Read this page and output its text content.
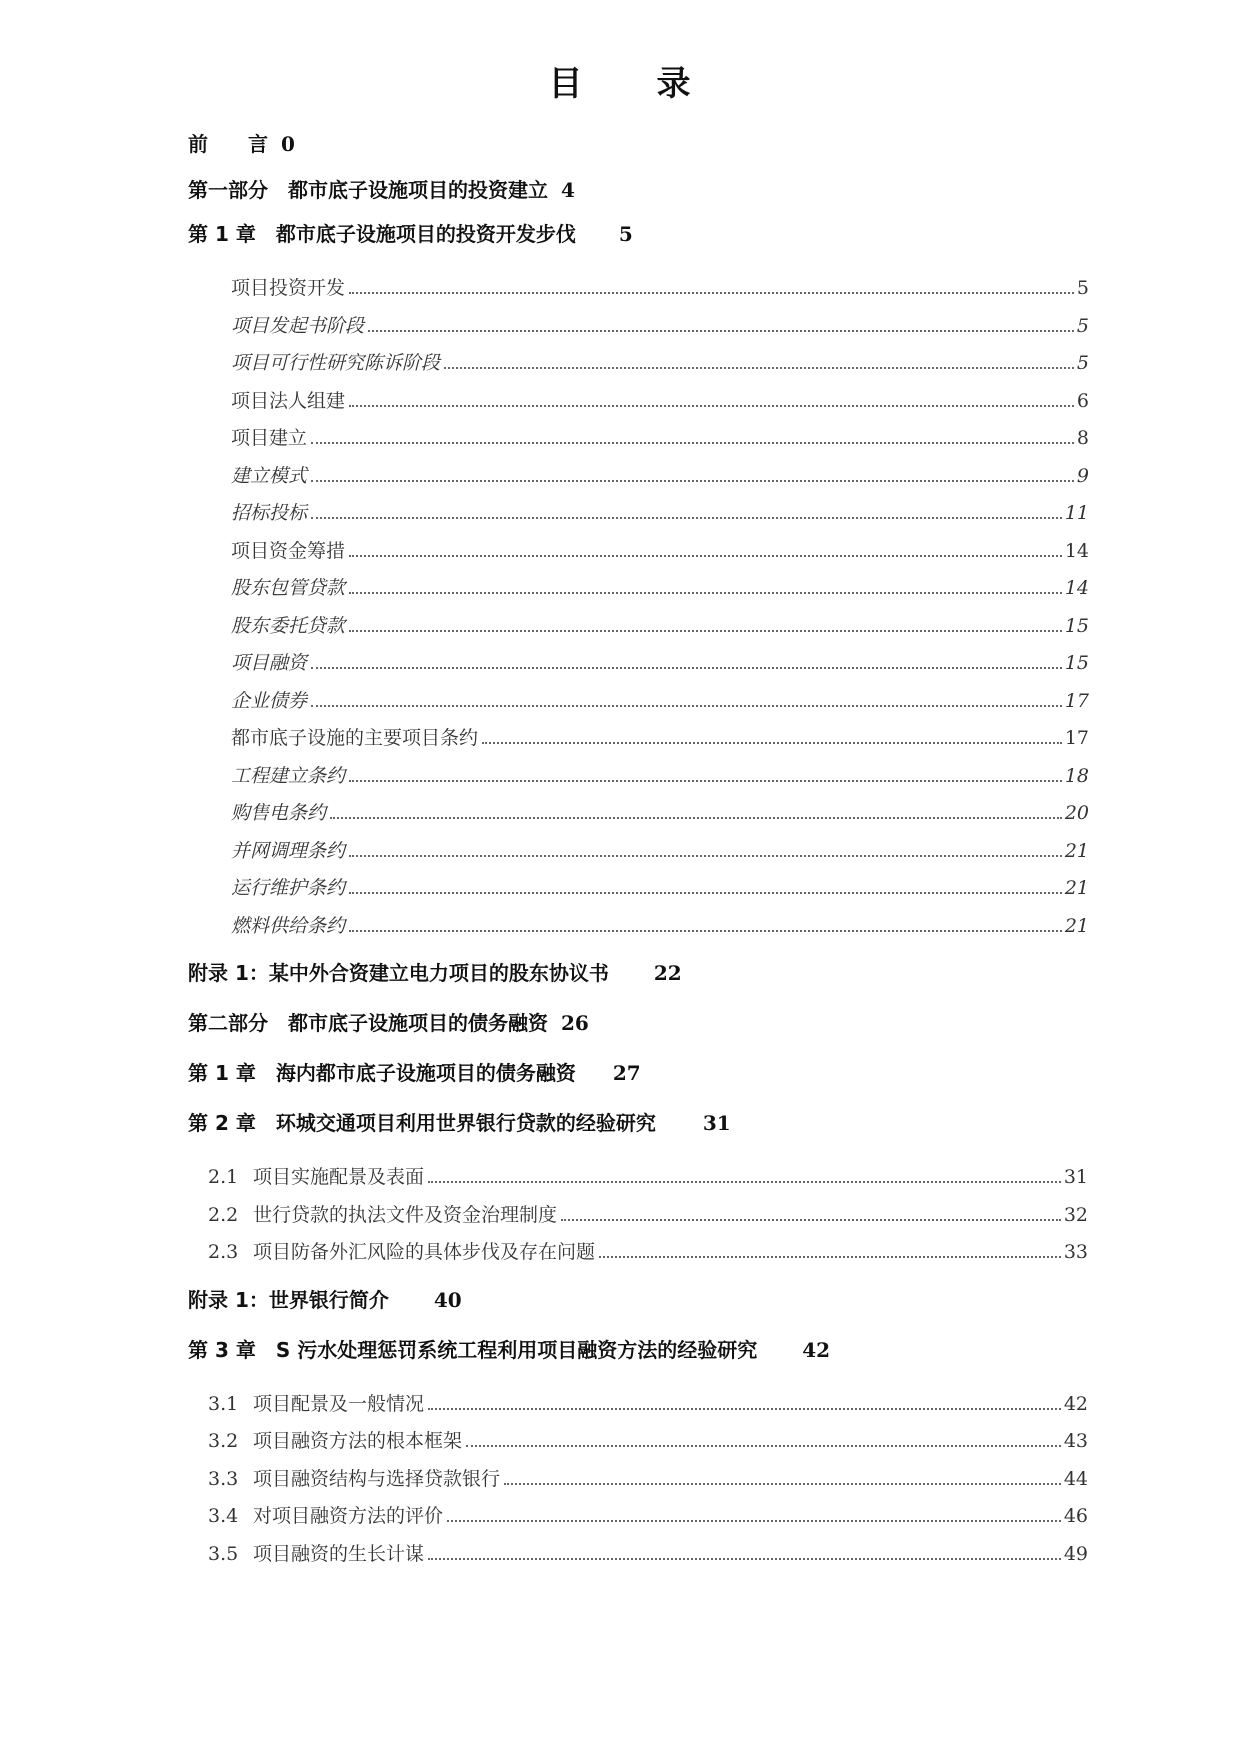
目　　录
前　　言 0
第一部分　都市底子设施项目的投资建立 4
第 1 章　都市底子设施项目的投资开发步伐 5
项目投资开发	5
项目发起书阶段	5
项目可行性研究陈诉阶段	5
项目法人组建	6
项目建立	8
建立模式	9
招标投标	11
项目资金筹措	14
股东包管贷款	14
股东委托贷款	15
项目融资	15
企业债券	17
都市底子设施的主要项目条约	17
工程建立条约	18
购售电条约	20
并网调理条约	21
运行维护条约	21
燃料供给条约	21
附录 1：某中外合资建立电力项目的股东协议书 22
第二部分　都市底子设施项目的债务融资 26
第 1 章　海内都市底子设施项目的债务融资 27
第 2 章　环城交通项目利用世界银行贷款的经验研究 31
2.1 项目实施配景及表面	31
2.2 世行贷款的执法文件及资金治理制度	32
2.3 项目防备外汇风险的具体步伐及存在问题	33
附录 1：世界银行简介 40
第 3 章　S 污水处理惩罚系统工程利用项目融资方法的经验研究 42
3.1 项目配景及一般情况	42
3.2 项目融资方法的根本框架	43
3.3 项目融资结构与选择贷款银行	44
3.4 对项目融资方法的评价	46
3.5 项目融资的生长计谋	49
